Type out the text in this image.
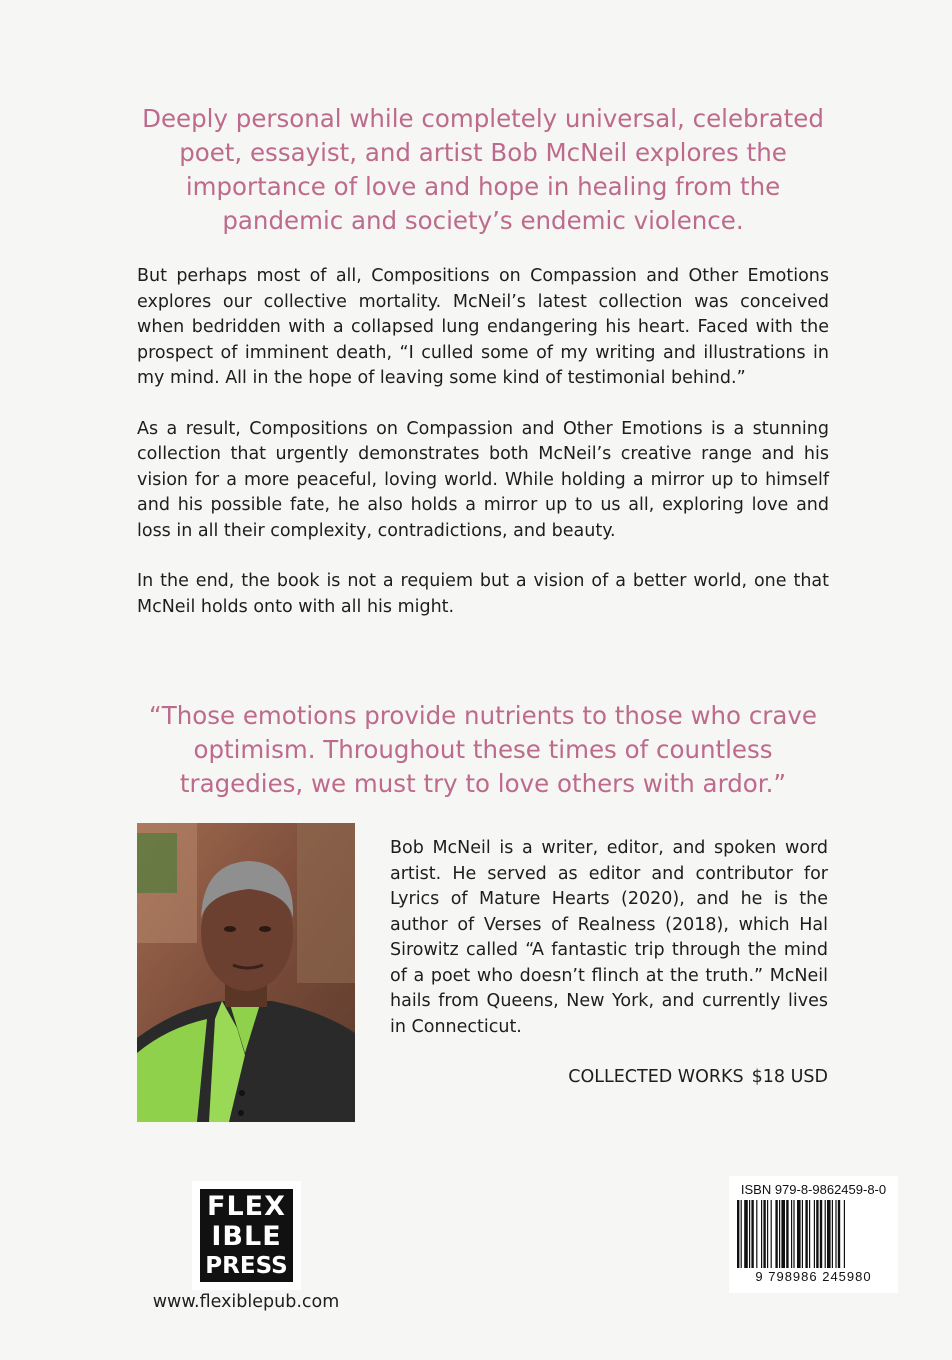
Deeply personal while completely universal, celebrated poet, essayist, and artist Bob McNeil explores the importance of love and hope in healing from the pandemic and society’s endemic violence.

But perhaps most of all, Compositions on Compassion and Other Emotions explores our collective mortality. McNeil’s latest collection was conceived when bedridden with a collapsed lung endangering his heart. Faced with the prospect of imminent death, “I culled some of my writing and illustrations in my mind. All in the hope of leaving some kind of testimonial behind.”

As a result, Compositions on Compassion and Other Emotions is a stunning collection that urgently demonstrates both McNeil’s creative range and his vision for a more peaceful, loving world. While holding a mirror up to himself and his possible fate, he also holds a mirror up to us all, exploring love and loss in all their complexity, contradictions, and beauty.

In the end, the book is not a requiem but a vision of a better world, one that McNeil holds onto with all his might.

“Those emotions provide nutrients to those who crave optimism. Throughout these times of countless tragedies, we must try to love others with ardor.”
Bob McNeil is a writer, editor, and spoken word artist. He served as editor and contributor for Lyrics of Mature Hearts (2020), and he is the author of Verses of Realness (2018), which Hal Sirowitz called “A fantastic trip through the mind of a poet who doesn’t flinch at the truth.” McNeil hails from Queens, New York, and currently lives in Connecticut.
COLLECTED WORKS $18 USD
FLEX
IBLE
PRESS
www.flexiblepub.com
ISBN 979-8-9862459-8-0
9 798986 245980
